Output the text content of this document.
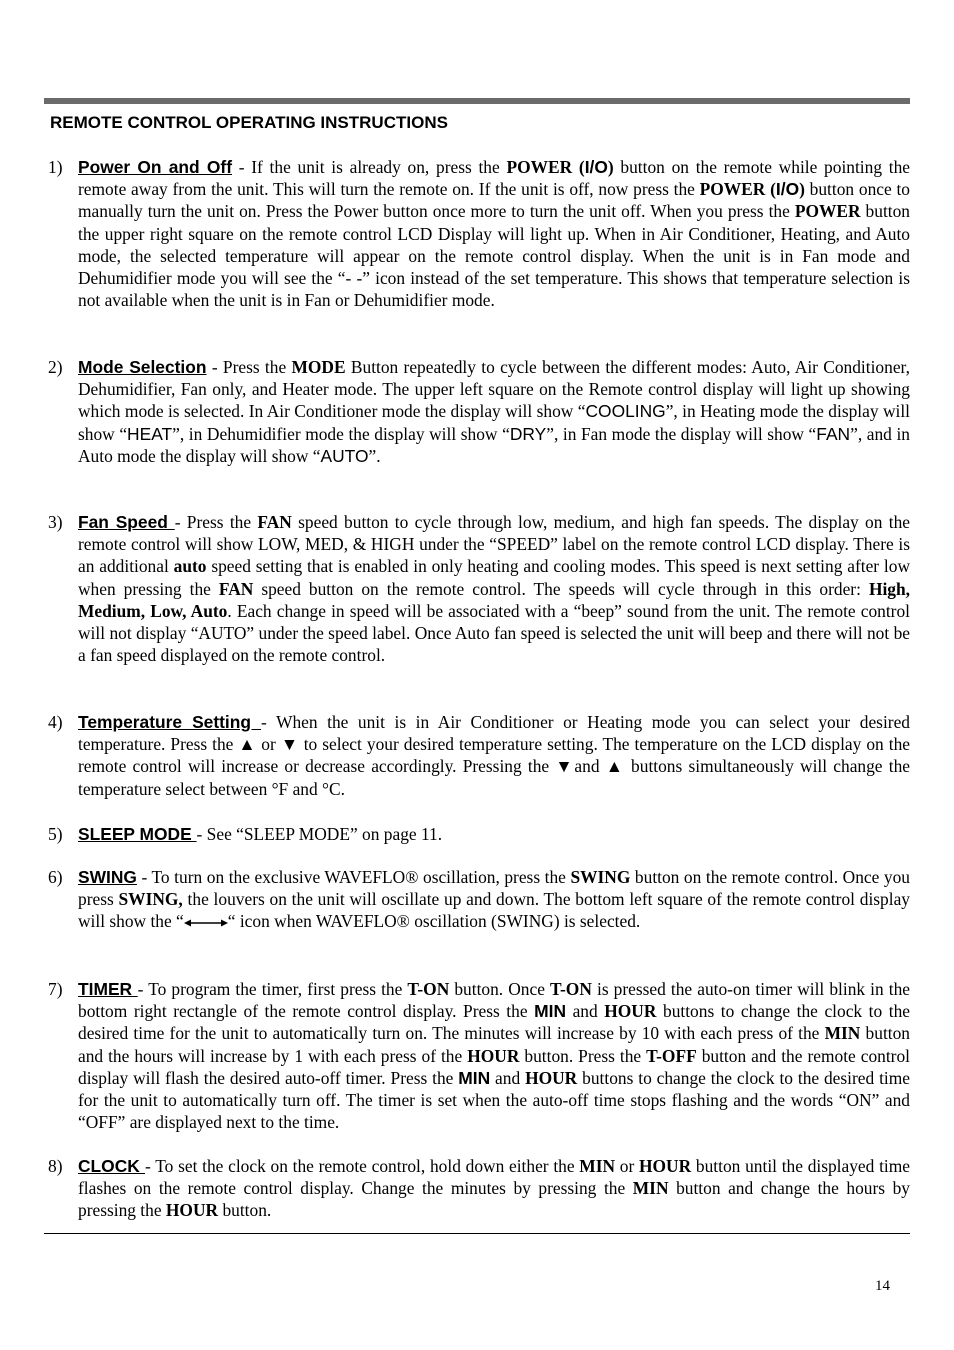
REMOTE CONTROL OPERATING INSTRUCTIONS
1) Power On and Off - If the unit is already on, press the POWER (I/O) button on the remote while pointing the remote away from the unit. This will turn the remote on. If the unit is off, now press the POWER (I/O) button once to manually turn the unit on. Press the Power button once more to turn the unit off. When you press the POWER button the upper right square on the remote control LCD Display will light up. When in Air Conditioner, Heating, and Auto mode, the selected temperature will appear on the remote control display. When the unit is in Fan mode and Dehumidifier mode you will see the “- -” icon instead of the set temperature. This shows that temperature selection is not available when the unit is in Fan or Dehumidifier mode.
2) Mode Selection - Press the MODE Button repeatedly to cycle between the different modes: Auto, Air Conditioner, Dehumidifier, Fan only, and Heater mode. The upper left square on the Remote control display will light up showing which mode is selected. In Air Conditioner mode the display will show “COOLING”, in Heating mode the display will show “HEAT”, in Dehumidifier mode the display will show “DRY”, in Fan mode the display will show “FAN”, and in Auto mode the display will show “AUTO”.
3) Fan Speed - Press the FAN speed button to cycle through low, medium, and high fan speeds. The display on the remote control will show LOW, MED, & HIGH under the “SPEED” label on the remote control LCD display. There is an additional auto speed setting that is enabled in only heating and cooling modes. This speed is next setting after low when pressing the FAN speed button on the remote control. The speeds will cycle through in this order: High, Medium, Low, Auto. Each change in speed will be associated with a “beep” sound from the unit. The remote control will not display “AUTO” under the speed label. Once Auto fan speed is selected the unit will beep and there will not be a fan speed displayed on the remote control.
4) Temperature Setting - When the unit is in Air Conditioner or Heating mode you can select your desired temperature. Press the ▲ or ▼ to select your desired temperature setting. The temperature on the LCD display on the remote control will increase or decrease accordingly. Pressing the ▼and ▲ buttons simultaneously will change the temperature select between °F and °C.
5) SLEEP MODE - See “SLEEP MODE” on page 11.
6) SWING - To turn on the exclusive WAVEFLO® oscillation, press the SWING button on the remote control. Once you press SWING, the louvers on the unit will oscillate up and down. The bottom left square of the remote control display will show the “	“ icon when WAVEFLO® oscillation (SWING) is selected.
7) TIMER - To program the timer, first press the T-ON button. Once T-ON is pressed the auto-on timer will blink in the bottom right rectangle of the remote control display. Press the MIN and HOUR buttons to change the clock to the desired time for the unit to automatically turn on. The minutes will increase by 10 with each press of the MIN button and the hours will increase by 1 with each press of the HOUR button. Press the T-OFF button and the remote control display will flash the desired auto-off timer. Press the MIN and HOUR buttons to change the clock to the desired time for the unit to automatically turn off. The timer is set when the auto-off time stops flashing and the words “ON” and “OFF” are displayed next to the time.
8) CLOCK - To set the clock on the remote control, hold down either the MIN or HOUR button until the displayed time flashes on the remote control display. Change the minutes by pressing the MIN button and change the hours by pressing the HOUR button.
14
